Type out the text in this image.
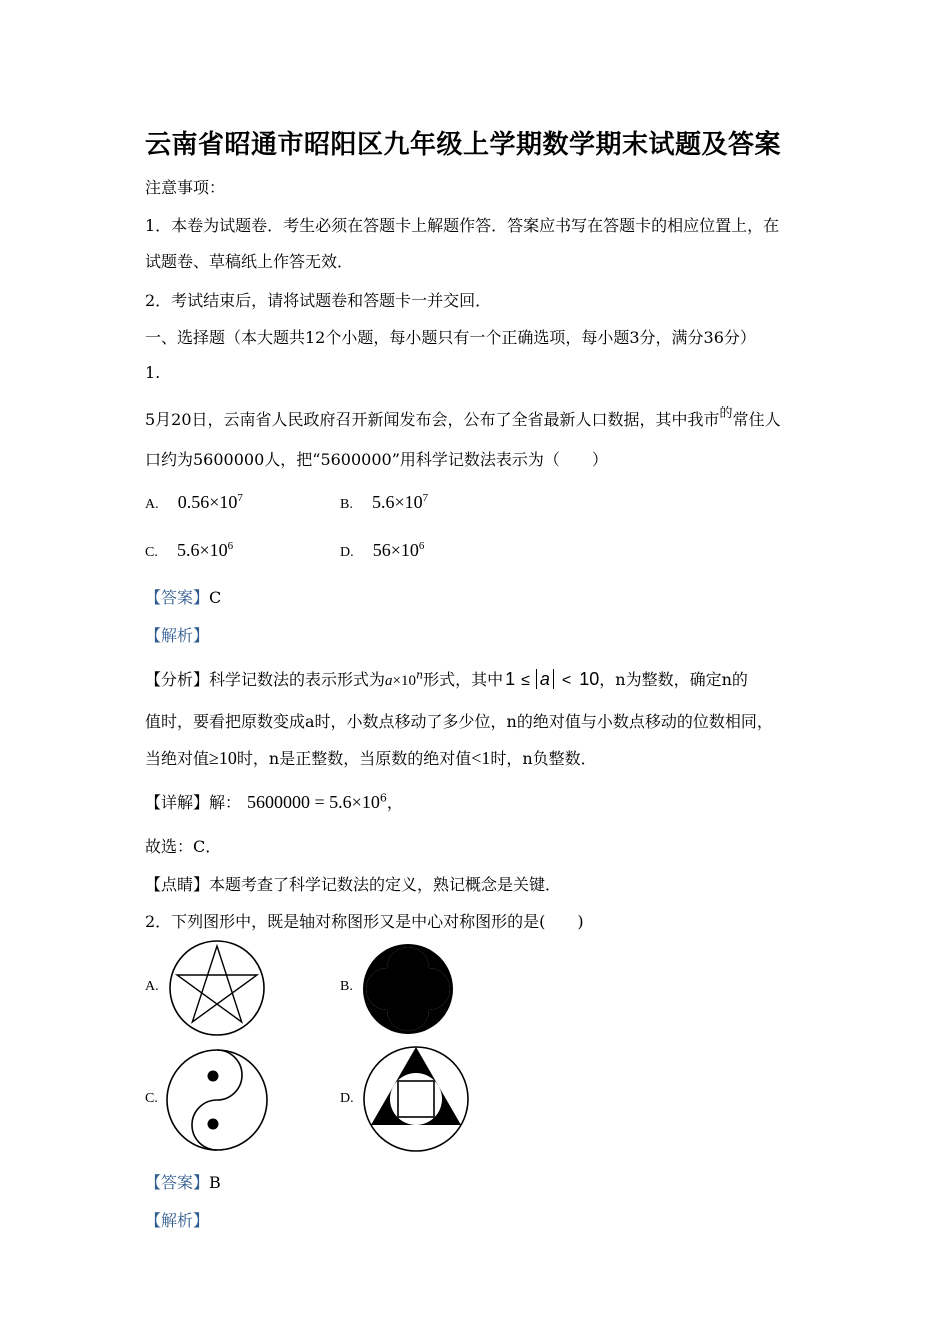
云南省昭通市昭阳区九年级上学期数学期末试题及答案
注意事项：
1．本卷为试题卷．考生必须在答题卡上解题作答．答案应书写在答题卡的相应位置上，在
试题卷、草稿纸上作答无效．
2．考试结束后，请将试题卷和答题卡一并交回．
一、选择题（本大题共12个小题，每小题只有一个正确选项，每小题3分，满分36分）
1.
5月20日，云南省人民政府召开新闻发布会，公布了全省最新人口数据，其中我市$^的$常住人
口约为5600000人，把“5600000”用科学记数法表示为（　　）
A. $0.56\times 10^7$	B. $5.6\times 10^7$
C. $5.6\times 10^6$	D. $56\times 10^6$
【答案】C
【解析】
【分析】科学记数法的表示形式为$a\times 10^n$形式，其中 1 ≤ a < 10，n为整数，确定n的
值时，要看把原数变成a时，小数点移动了多少位，n的绝对值与小数点移动的位数相同，
当绝对值≥10时，n是正整数，当原数的绝对值<1时，n负整数．
【详解】解： $5600000 = 5.6\times 10^6$，
故选：C．
【点睛】本题考查了科学记数法的定义，熟记概念是关键．
2．下列图形中，既是轴对称图形又是中心对称图形的是(　　)
A.	B.
C.	D.
【答案】B
【解析】
